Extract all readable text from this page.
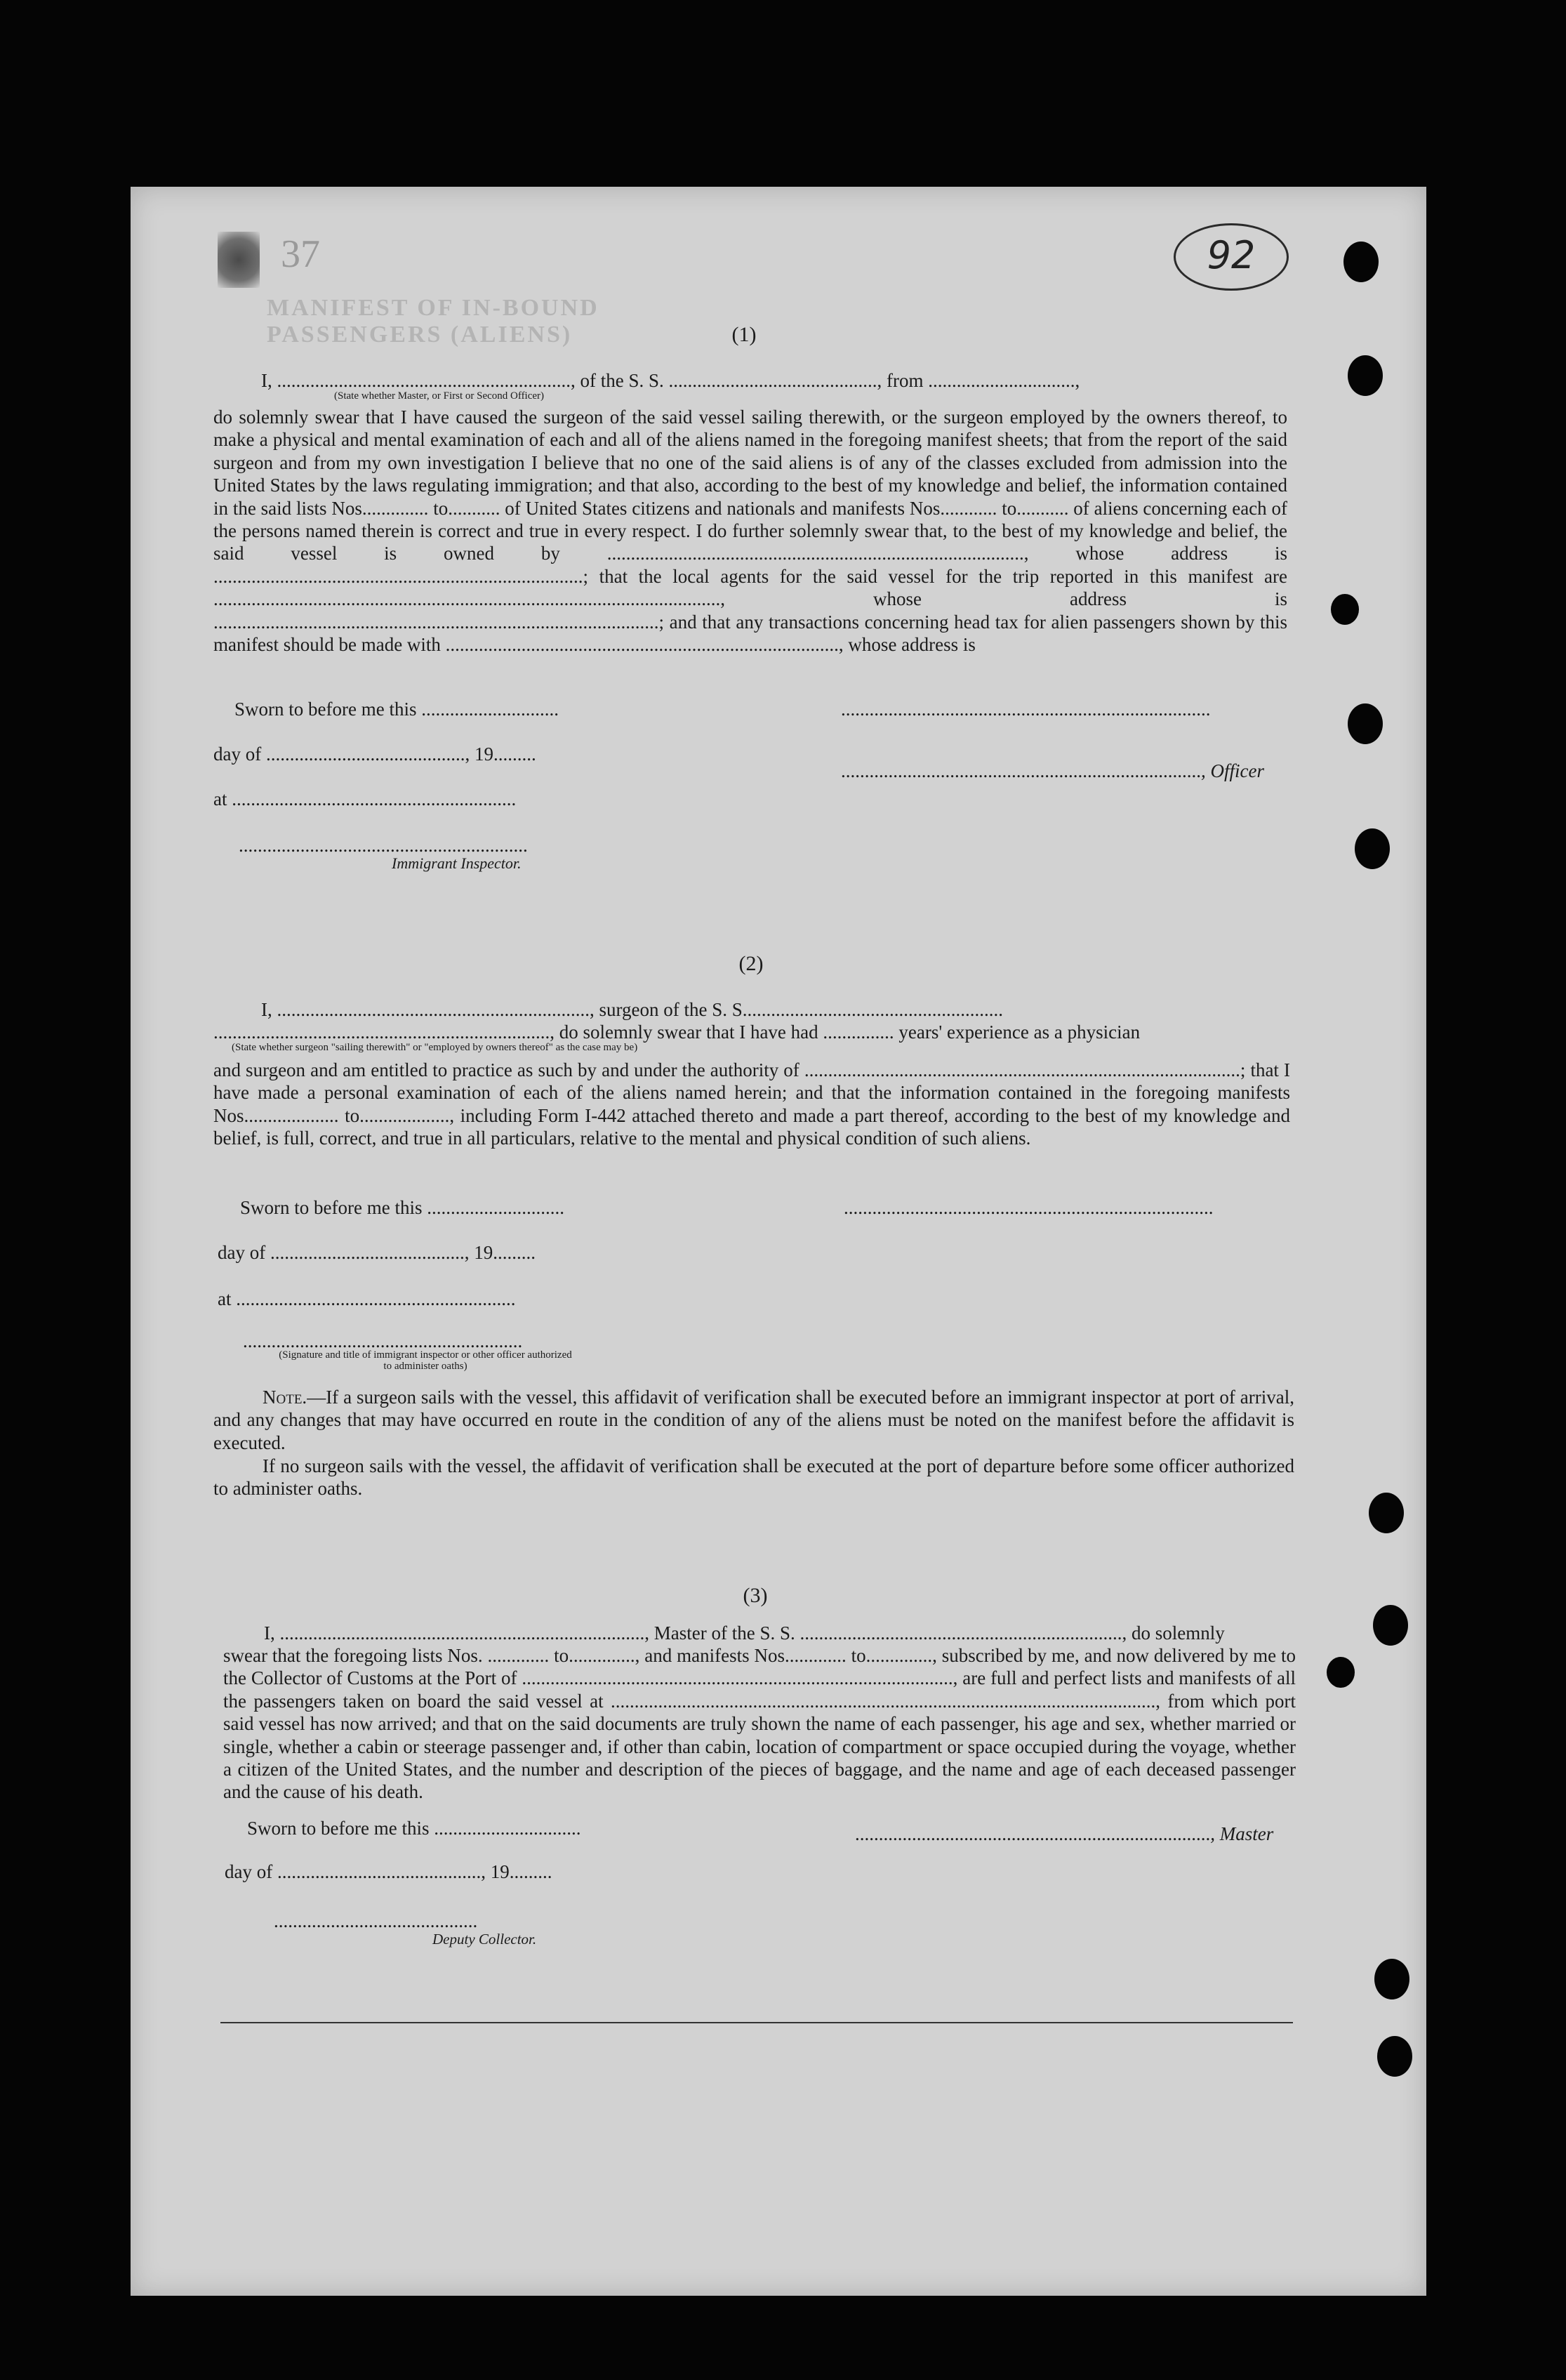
37
MANIFEST OF IN-BOUND PASSENGERS (ALIENS)
92
(1)
I, .............................................................., of the S. S. ............................................, from ...............................,
(State whether Master, or First or Second Officer)
do solemnly swear that I have caused the surgeon of the said vessel sailing therewith, or the surgeon employed by the owners thereof, to make a physical and mental examination of each and all of the aliens named in the foregoing manifest sheets; that from the report of the said surgeon and from my own investigation I believe that no one of the said aliens is of any of the classes excluded from admission into the United States by the laws regulating immigration; and that also, according to the best of my knowledge and belief, the information contained in the said lists Nos.............. to........... of United States citizens and nationals and manifests Nos............ to........... of aliens concerning each of the persons named therein is correct and true in every respect. I do further solemnly swear that, to the best of my knowledge and belief, the said vessel is owned by ........................................................................................, whose address is ..............................................................................; that the local agents for the said vessel for the trip reported in this manifest are ..........................................................................................................., whose address is ..............................................................................................; and that any transactions concerning head tax for alien passengers shown by this manifest should be made with ..................................................................................., whose address is
Sworn to before me this .............................	..............................................................................
day of .........................................., 19.........
............................................................................, Officer
at ............................................................
.............................................................
Immigrant Inspector.
(2)
I, .................................................................., surgeon of the S. S.......................................................
......................................................................., do solemnly swear that I have had ............... years' experience as a physician
(State whether surgeon "sailing therewith" or "employed by owners thereof" as the case may be)
and surgeon and am entitled to practice as such by and under the authority of ............................................................................................; that I have made a personal examination of each of the aliens named herein; and that the information contained in the foregoing manifests Nos.................... to..................., including Form I-442 attached thereto and made a part thereof, according to the best of my knowledge and belief, is full, correct, and true in all particulars, relative to the mental and physical condition of such aliens.
Sworn to before me this .............................	..............................................................................
day of ........................................., 19.........
at ...........................................................
...........................................................
(Signature and title of immigrant inspector or other officer authorized to administer oaths)
Note.—If a surgeon sails with the vessel, this affidavit of verification shall be executed before an immigrant inspector at port of arrival, and any changes that may have occurred en route in the condition of any of the aliens must be noted on the manifest before the affidavit is executed.
If no surgeon sails with the vessel, the affidavit of verification shall be executed at the port of departure before some officer authorized to administer oaths.
(3)
I, ............................................................................., Master of the S. S. ...................................................................., do solemnly
swear that the foregoing lists Nos. ............. to.............., and manifests Nos............. to.............., subscribed by me, and now delivered by me to the Collector of Customs at the Port of ..........................................................................................., are full and perfect lists and manifests of all the passengers taken on board the said vessel at ..................................................................................................................., from which port said vessel has now arrived; and that on the said documents are truly shown the name of each passenger, his age and sex, whether married or single, whether a cabin or steerage passenger and, if other than cabin, location of compartment or space occupied during the voyage, whether a citizen of the United States, and the number and description of the pieces of baggage, and the name and age of each deceased passenger and the cause of his death.
Sworn to before me this ...............................	..........................................................................., Master
day of ..........................................., 19.........
...........................................
Deputy Collector.
